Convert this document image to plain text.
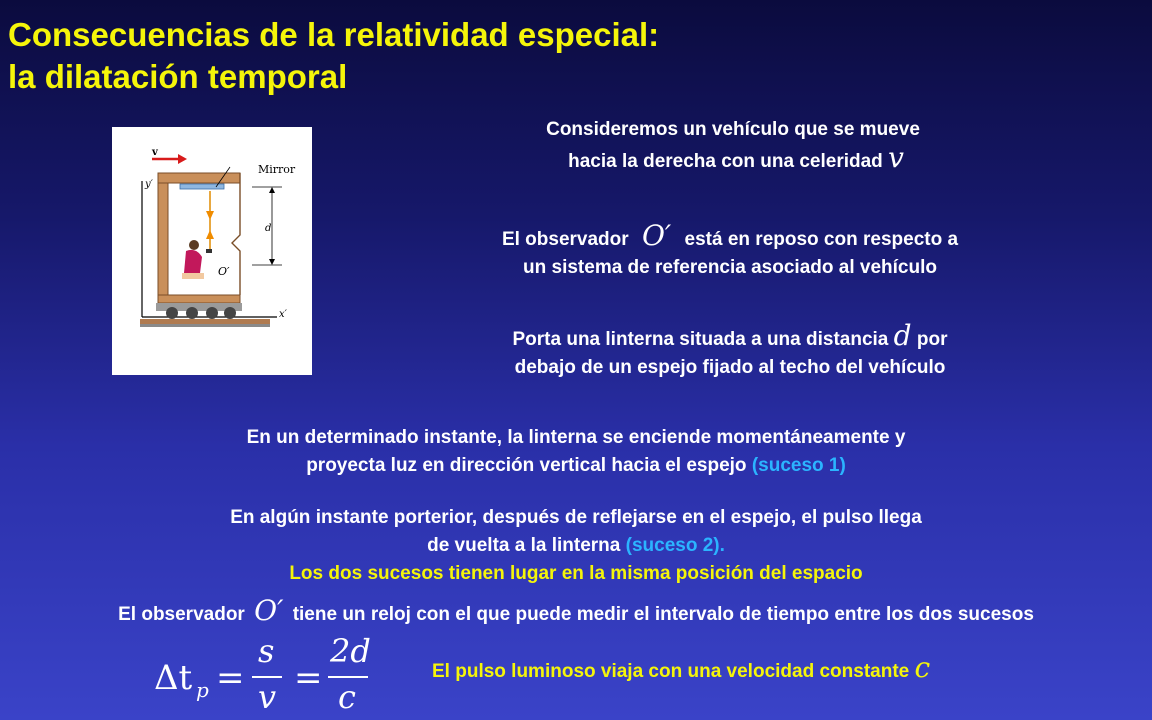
Consecuencias de la relatividad especial:
la dilatación temporal
y′
x′
v
Mirror
d
O′
Consideremos un vehículo que se mueve
hacia la derecha con una celeridad v
El observador O′ está en reposo con respecto a
un sistema de referencia asociado al vehículo
Porta una linterna situada a una distancia d por
debajo de un espejo fijado al techo del vehículo
En un determinado instante, la linterna se enciende momentáneamente y
proyecta luz en dirección vertical hacia el espejo (suceso 1)
En algún instante porterior, después de reflejarse en el espejo, el pulso llega
de vuelta a la linterna (suceso 2).
Los dos sucesos tienen lugar en la misma posición del espacio
El observador O′ tiene un reloj con el que puede medir el intervalo de tiempo entre los dos sucesos
Δt p =
s
v =
2d
c
El pulso luminoso viaja con una velocidad constante c
